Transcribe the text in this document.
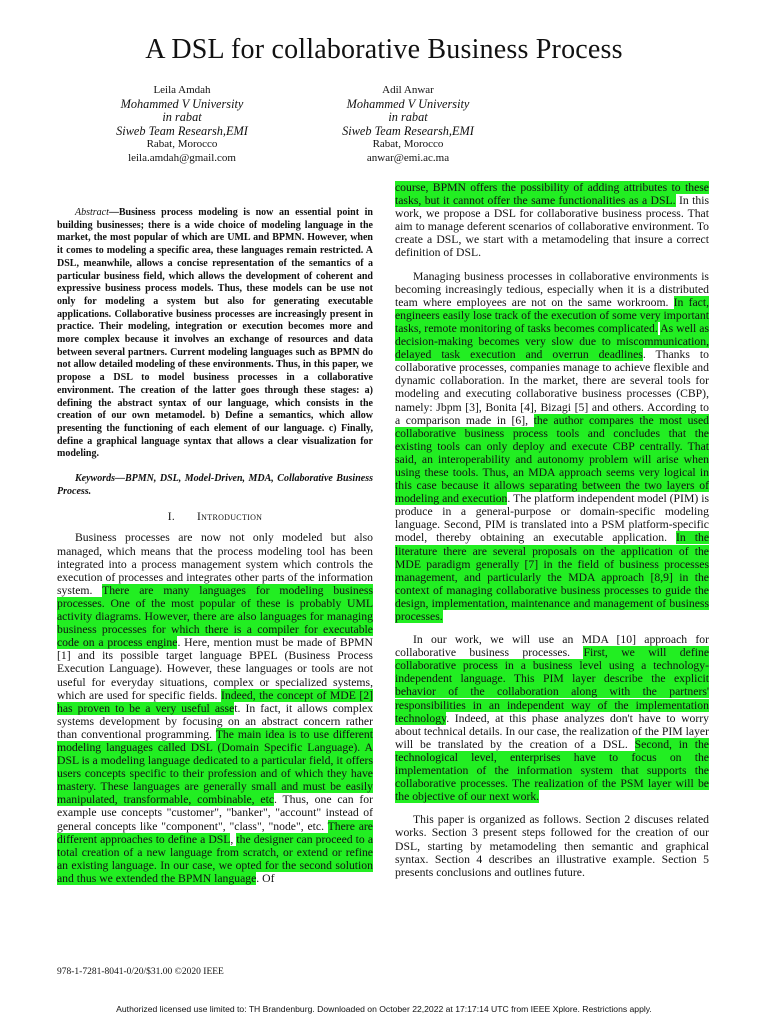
A DSL for collaborative Business Process
Leila Amdah
Mohammed V University
in rabat
Siweb Team Researsh,EMI
Rabat, Morocco
leila.amdah@gmail.com
Adil Anwar
Mohammed V University
in rabat
Siweb Team Researsh,EMI
Rabat, Morocco
anwar@emi.ac.ma

Abstract—Business process modeling is now an essential point in building businesses; there is a wide choice of modeling language in the market, the most popular of which are UML and BPMN. However, when it comes to modeling a specific area, these languages remain restricted. A DSL, meanwhile, allows a concise representation of the semantics of a particular business field, which allows the development of coherent and expressive business process models. Thus, these models can be use not only for modeling a system but also for generating executable applications. Collaborative business processes are increasingly present in practice. Their modeling, integration or execution becomes more and more complex because it involves an exchange of resources and data between several partners. Current modeling languages such as BPMN do not allow detailed modeling of these environments. Thus, in this paper, we propose a DSL to model business processes in a collaborative environment. The creation of the latter goes through these stages: a) defining the abstract syntax of our language, which consists in the creation of our own metamodel. b) Define a semantics, which allow presenting the functioning of each element of our language. c) Finally, define a graphical language syntax that allows a clear visualization for modeling.

Keywords—BPMN, DSL, Model-Driven, MDA, Collaborative Business Process.

I. Introduction

Business processes are now not only modeled but also managed, which means that the process modeling tool has been integrated into a process management system which controls the execution of processes and integrates other parts of the information system. There are many languages for modeling business processes. One of the most popular of these is probably UML activity diagrams. However, there are also languages for managing business processes for which there is a compiler for executable code on a process engine. Here, mention must be made of BPMN [1] and its possible target language BPEL (Business Process Execution Language). However, these languages or tools are not useful for everyday situations, complex or specialized systems, which are used for specific fields. Indeed, the concept of MDE [2] has proven to be a very useful asset. In fact, it allows complex systems development by focusing on an abstract concern rather than conventional programming. The main idea is to use different modeling languages called DSL (Domain Specific Language). A DSL is a modeling language dedicated to a particular field, it offers users concepts specific to their profession and of which they have mastery. These languages are generally small and must be easily manipulated, transformable, combinable, etc. Thus, one can for example use concepts "customer", "banker", "account" instead of general concepts like "component", "class", "node", etc. There are different approaches to define a DSL, the designer can proceed to a total creation of a new language from scratch, or extend or refine an existing language. In our case, we opted for the second solution and thus we extended the BPMN language. Of

course, BPMN offers the possibility of adding attributes to these tasks, but it cannot offer the same functionalities as a DSL. In this work, we propose a DSL for collaborative business process. That aim to manage deferent scenarios of collaborative environment. To create a DSL, we start with a metamodeling that insure a correct definition of DSL.

Managing business processes in collaborative environments is becoming increasingly tedious, especially when it is a distributed team where employees are not on the same workroom. In fact, engineers easily lose track of the execution of some very important tasks, remote monitoring of tasks becomes complicated. As well as decision-making becomes very slow due to miscommunication, delayed task execution and overrun deadlines. Thanks to collaborative processes, companies manage to achieve flexible and dynamic collaboration. In the market, there are several tools for modeling and executing collaborative business processes (CBP), namely: Jbpm [3], Bonita [4], Bizagi [5] and others. According to a comparison made in [6], the author compares the most used collaborative business process tools and concludes that the existing tools can only deploy and execute CBP centrally. That said, an interoperability and autonomy problem will arise when using these tools. Thus, an MDA approach seems very logical in this case because it allows separating between the two layers of modeling and execution. The platform independent model (PIM) is produce in a general-purpose or domain-specific modeling language. Second, PIM is translated into a PSM platform-specific model, thereby obtaining an executable application. In the literature there are several proposals on the application of the MDE paradigm generally [7] in the field of business processes management, and particularly the MDA approach [8,9] in the context of managing collaborative business processes to guide the design, implementation, maintenance and management of business processes.

In our work, we will use an MDA [10] approach for collaborative business processes. First, we will define collaborative process in a business level using a technology-independent language. This PIM layer describe the explicit behavior of the collaboration along with the partners' responsibilities in an independent way of the implementation technology. Indeed, at this phase analyzes don't have to worry about technical details. In our case, the realization of the PIM layer will be translated by the creation of a DSL. Second, in the technological level, enterprises have to focus on the implementation of the information system that supports the collaborative processes. The realization of the PSM layer will be the objective of our next work.

This paper is organized as follows. Section 2 discuses related works. Section 3 present steps followed for the creation of our DSL, starting by metamodeling then semantic and graphical syntax. Section 4 describes an illustrative example. Section 5 presents conclusions and outlines future.

978-1-7281-8041-0/20/$31.00 ©2020 IEEE
Authorized licensed use limited to: TH Brandenburg. Downloaded on October 22,2022 at 17:17:14 UTC from IEEE Xplore. Restrictions apply.
